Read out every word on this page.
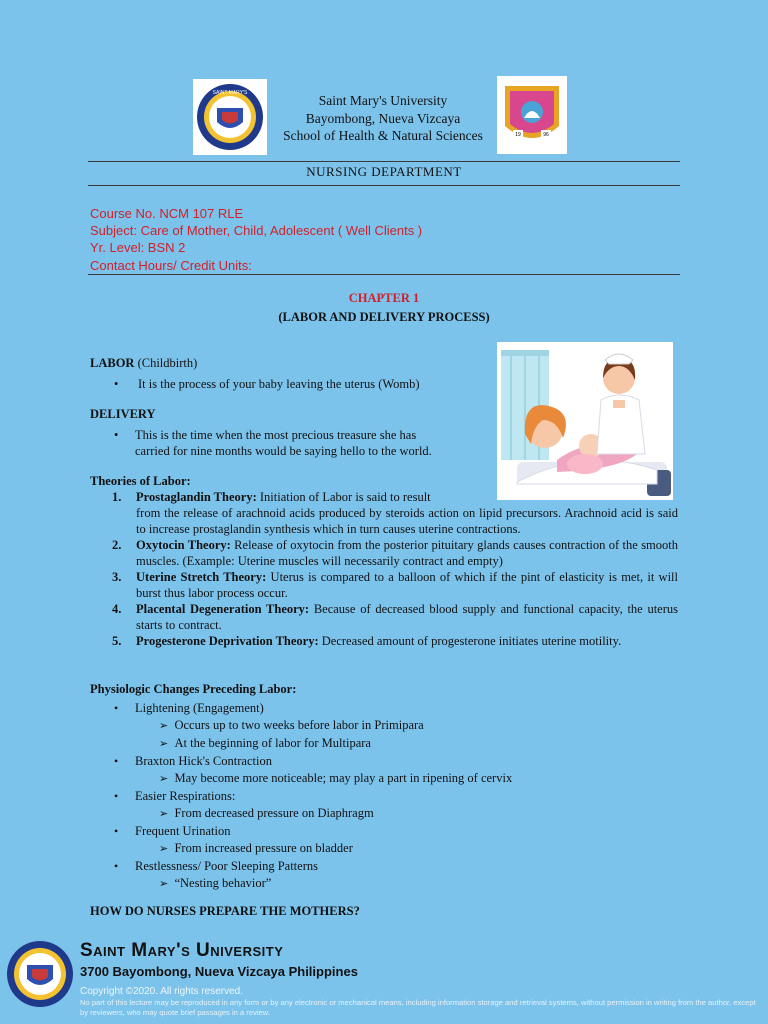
SAINT MARY'S
19	96
Saint Mary's University
Bayombong, Nueva Vizcaya
School of Health & Natural Sciences
NURSING DEPARTMENT
Course No. NCM 107 RLE
Subject: Care of Mother, Child, Adolescent ( Well Clients )
Yr. Level: BSN 2
Contact Hours/ Credit Units:
CHAPTER 1
(LABOR AND DELIVERY PROCESS)
LABOR (Childbirth)
• It is the process of your baby leaving the uterus (Womb)
DELIVERY
• This is the time when the most precious treasure she has
carried for nine months would be saying hello to the world.
Theories of Labor:
1. Prostaglandin Theory: Initiation of Labor is said to result
from the release of arachnoid acids produced by steroids action on lipid precursors. Arachnoid acid is said to increase prostaglandin synthesis which in turn causes uterine contractions.
2. Oxytocin Theory: Release of oxytocin from the posterior pituitary glands causes contraction of the smooth muscles. (Example: Uterine muscles will necessarily contract and empty)
3. Uterine Stretch Theory: Uterus is compared to a balloon of which if the pint of elasticity is met, it will burst thus labor process occur.
4. Placental Degeneration Theory: Because of decreased blood supply and functional capacity, the uterus starts to contract.
5. Progesterone Deprivation Theory: Decreased amount of progesterone initiates uterine motility.
Physiologic Changes Preceding Labor:
• Lightening (Engagement)
➢ Occurs up to two weeks before labor in Primipara
➢ At the beginning of labor for Multipara
• Braxton Hick's Contraction
➢ May become more noticeable; may play a part in ripening of cervix
• Easier Respirations:
➢ From decreased pressure on Diaphragm
• Frequent Urination
➢ From increased pressure on bladder
• Restlessness/ Poor Sleeping Patterns
➢ “Nesting behavior”
HOW DO NURSES PREPARE THE MOTHERS?
Saint Mary's University
3700 Bayombong, Nueva Vizcaya Philippines
Copyright ©2020. All rights reserved.
No part of this lecture may be reproduced in any form or by any electronic or mechanical means, including information storage and retrieval systems, without permission in writing from the author, except by reviewers, who may quote brief passages in a review.
